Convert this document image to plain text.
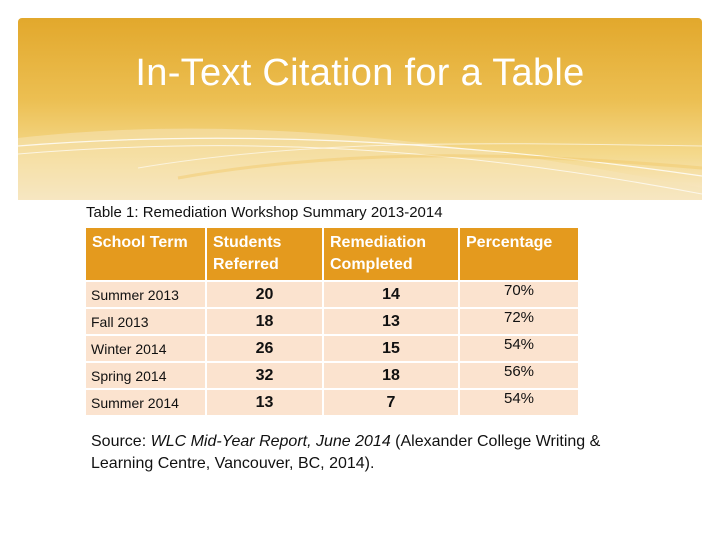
In-Text Citation for a Table
Table 1: Remediation Workshop Summary 2013-2014
School Term	Students Referred	Remediation Completed	Percentage
Summer 2013	20	14	70%
Fall 2013	18	13	72%
Winter 2014	26	15	54%
Spring 2014	32	18	56%
Summer 2014	13	7	54%
Source: WLC Mid-Year Report, June 2014 (Alexander College Writing & Learning Centre, Vancouver, BC, 2014).
